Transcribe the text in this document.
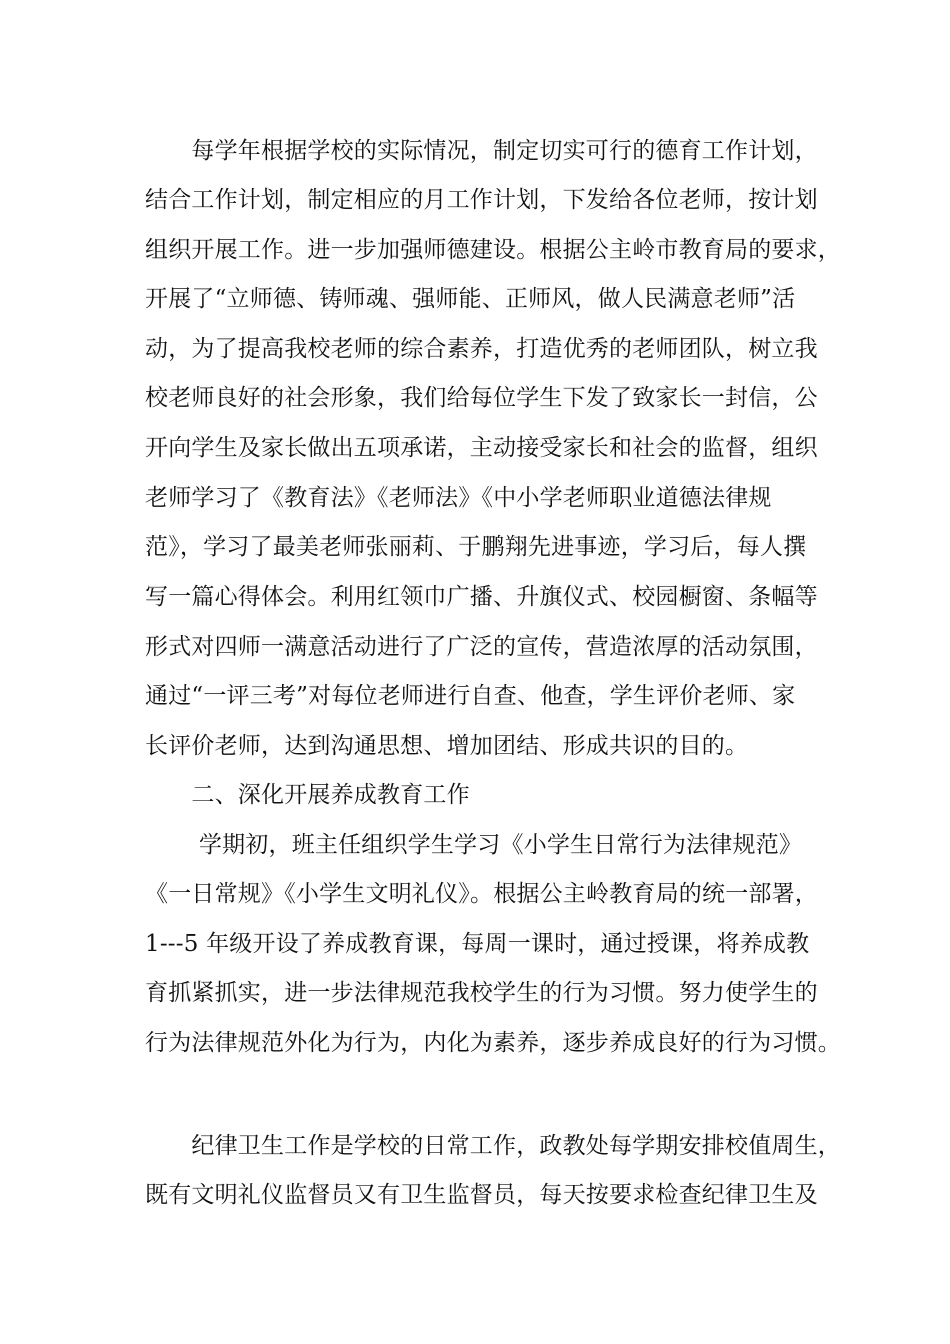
　　每学年根据学校的实际情况，制定切实可行的德育工作计划，
结合工作计划，制定相应的月工作计划，下发给各位老师，按计划
组织开展工作。进一步加强师德建设。根据公主岭市教育局的要求，
开展了“立师德、铸师魂、强师能、正师风，做人民满意老师”活
动，为了提高我校老师的综合素养，打造优秀的老师团队，树立我
校老师良好的社会形象，我们给每位学生下发了致家长一封信，公
开向学生及家长做出五项承诺，主动接受家长和社会的监督，组织
老师学习了《教育法》《老师法》《中小学老师职业道德法律规
范》，学习了最美老师张丽莉、于鹏翔先进事迹，学习后，每人撰
写一篇心得体会。利用红领巾广播、升旗仪式、校园橱窗、条幅等
形式对四师一满意活动进行了广泛的宣传，营造浓厚的活动氛围，
通过“一评三考”对每位老师进行自查、他查，学生评价老师、家
长评价老师，达到沟通思想、增加团结、形成共识的目的。
　　二、深化开展养成教育工作
　　 学期初，班主任组织学生学习《小学生日常行为法律规范》
《一日常规》《小学生文明礼仪》。根据公主岭教育局的统一部署，
1---5 年级开设了养成教育课，每周一课时，通过授课，将养成教
育抓紧抓实，进一步法律规范我校学生的行为习惯。努力使学生的
行为法律规范外化为行为，内化为素养，逐步养成良好的行为习惯。
　　纪律卫生工作是学校的日常工作，政教处每学期安排校值周生，
既有文明礼仪监督员又有卫生监督员，每天按要求检查纪律卫生及
